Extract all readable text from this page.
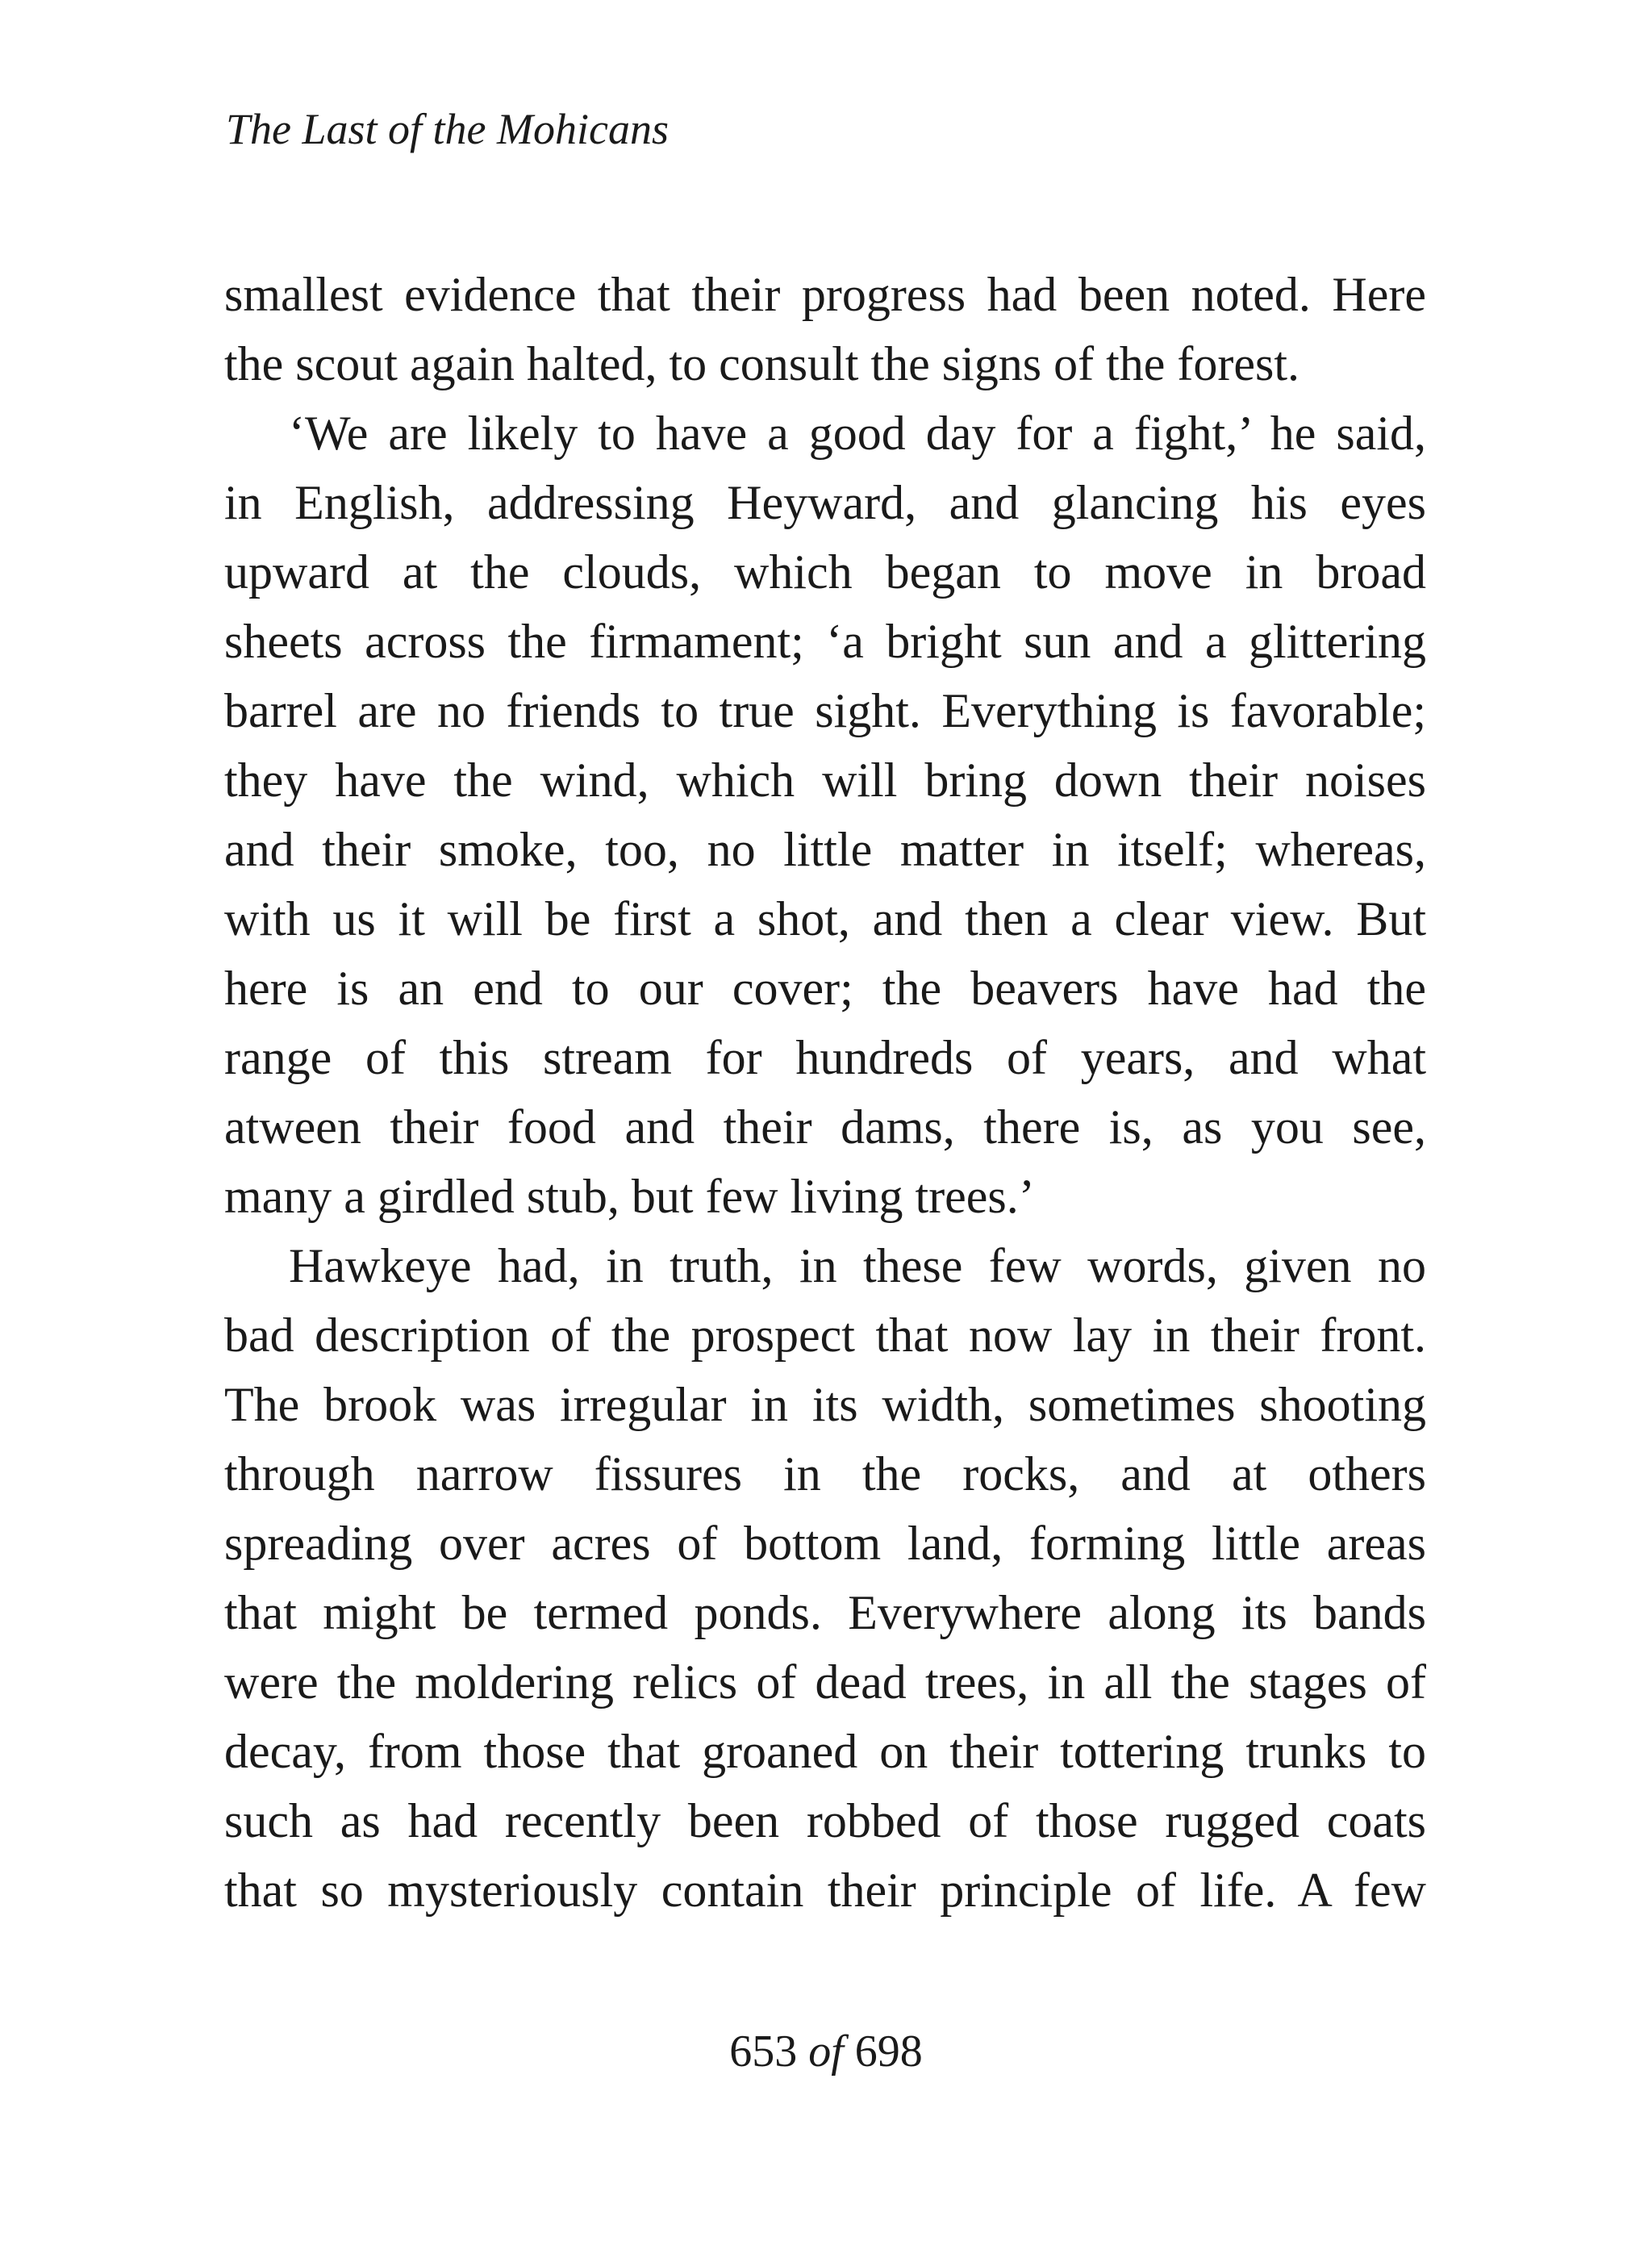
The Last of the Mohicans
smallest evidence that their progress had been noted. Here
the scout again halted, to consult the signs of the forest.
‘We are likely to have a good day for a fight,’ he said,
in English, addressing Heyward, and glancing his eyes
upward at the clouds, which began to move in broad
sheets across the firmament; ‘a bright sun and a glittering
barrel are no friends to true sight. Everything is favorable;
they have the wind, which will bring down their noises
and their smoke, too, no little matter in itself; whereas,
with us it will be first a shot, and then a clear view. But
here is an end to our cover; the beavers have had the
range of this stream for hundreds of years, and what
atween their food and their dams, there is, as you see,
many a girdled stub, but few living trees.’
Hawkeye had, in truth, in these few words, given no
bad description of the prospect that now lay in their front.
The brook was irregular in its width, sometimes shooting
through narrow fissures in the rocks, and at others
spreading over acres of bottom land, forming little areas
that might be termed ponds. Everywhere along its bands
were the moldering relics of dead trees, in all the stages of
decay, from those that groaned on their tottering trunks to
such as had recently been robbed of those rugged coats
that so mysteriously contain their principle of life. A few
653 of 698
